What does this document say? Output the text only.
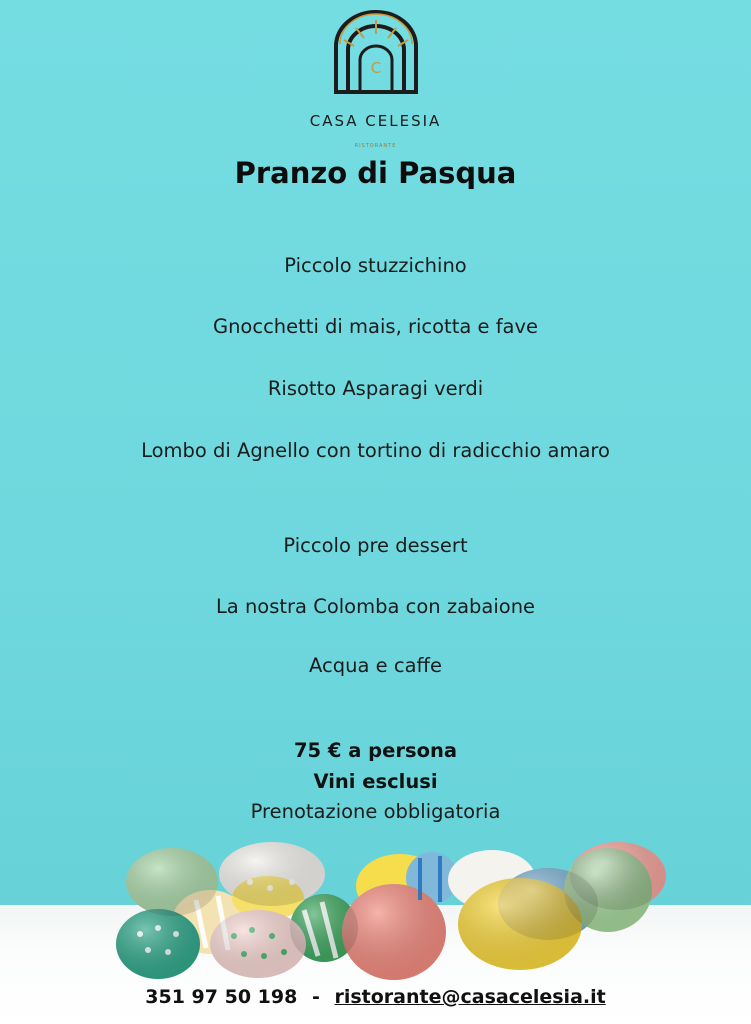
C
CASA CELESIA
RISTORANTE
Pranzo di Pasqua
Piccolo stuzzichino
Gnocchetti di mais, ricotta e fave
Risotto Asparagi verdi
Lombo di Agnello con tortino di radicchio amaro
Piccolo pre dessert
La nostra Colomba con zabaione
Acqua e caffe
75 € a persona
Vini esclusi
Prenotazione obbligatoria
351 97 50 198 - ristorante@casacelesia.it
